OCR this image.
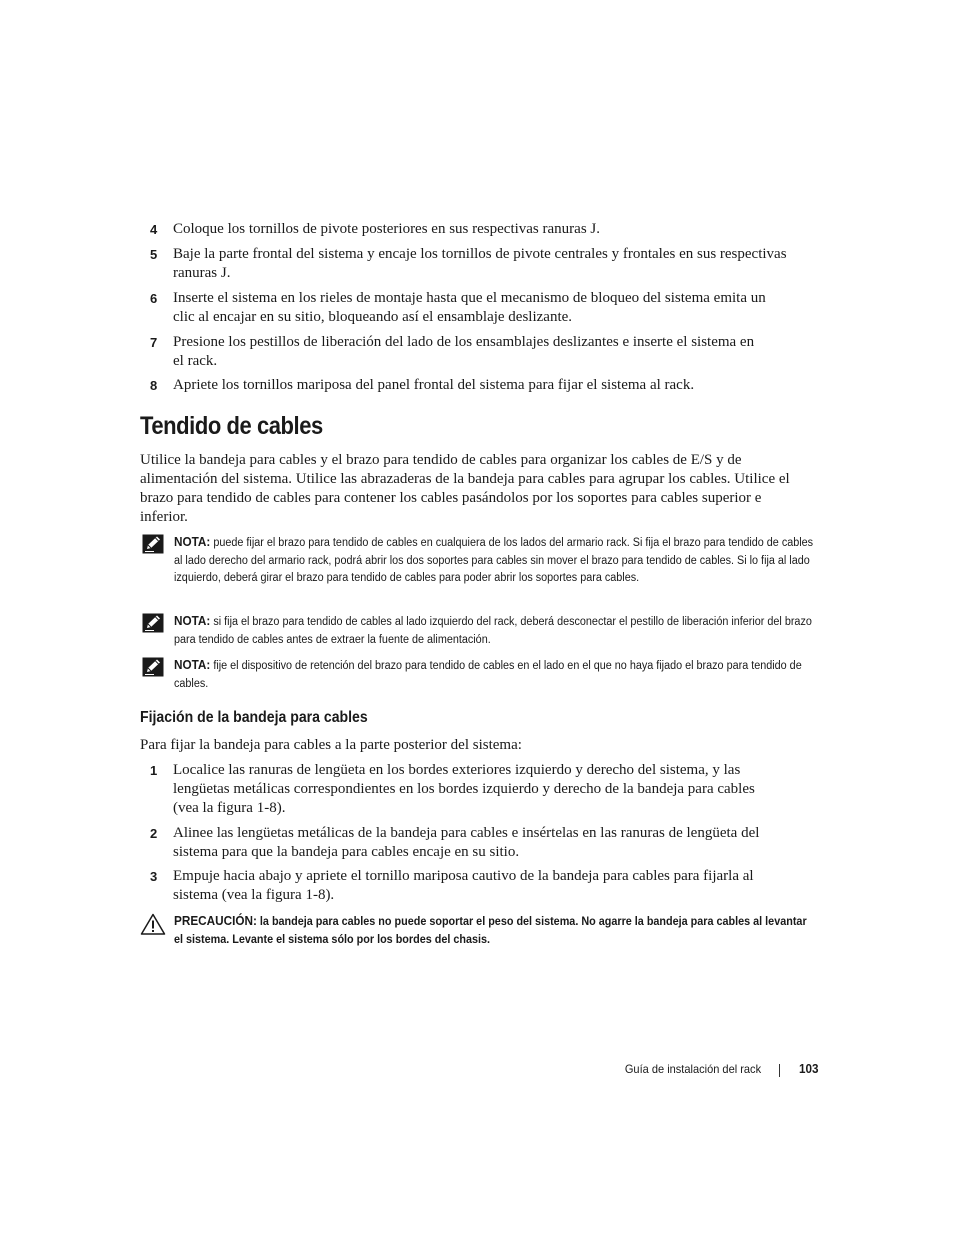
4 Coloque los tornillos de pivote posteriores en sus respectivas ranuras J.
5 Baje la parte frontal del sistema y encaje los tornillos de pivote centrales y frontales en sus respectivas ranuras J.
6 Inserte el sistema en los rieles de montaje hasta que el mecanismo de bloqueo del sistema emita un clic al encajar en su sitio, bloqueando así el ensamblaje deslizante.
7 Presione los pestillos de liberación del lado de los ensamblajes deslizantes e inserte el sistema en el rack.
8 Apriete los tornillos mariposa del panel frontal del sistema para fijar el sistema al rack.
Tendido de cables
Utilice la bandeja para cables y el brazo para tendido de cables para organizar los cables de E/S y de alimentación del sistema. Utilice las abrazaderas de la bandeja para cables para agrupar los cables. Utilice el brazo para tendido de cables para contener los cables pasándolos por los soportes para cables superior e inferior.
NOTA: puede fijar el brazo para tendido de cables en cualquiera de los lados del armario rack. Si fija el brazo para tendido de cables al lado derecho del armario rack, podrá abrir los dos soportes para cables sin mover el brazo para tendido de cables. Si lo fija al lado izquierdo, deberá girar el brazo para tendido de cables para poder abrir los soportes para cables.
NOTA: si fija el brazo para tendido de cables al lado izquierdo del rack, deberá desconectar el pestillo de liberación inferior del brazo para tendido de cables antes de extraer la fuente de alimentación.
NOTA: fije el dispositivo de retención del brazo para tendido de cables en el lado en el que no haya fijado el brazo para tendido de cables.
Fijación de la bandeja para cables
Para fijar la bandeja para cables a la parte posterior del sistema:
1 Localice las ranuras de lengüeta en los bordes exteriores izquierdo y derecho del sistema, y las lengüetas metálicas correspondientes en los bordes izquierdo y derecho de la bandeja para cables (vea la figura 1-8).
2 Alinee las lengüetas metálicas de la bandeja para cables e insértelas en las ranuras de lengüeta del sistema para que la bandeja para cables encaje en su sitio.
3 Empuje hacia abajo y apriete el tornillo mariposa cautivo de la bandeja para cables para fijarla al sistema (vea la figura 1-8).
PRECAUCIÓN: la bandeja para cables no puede soportar el peso del sistema. No agarre la bandeja para cables al levantar el sistema. Levante el sistema sólo por los bordes del chasis.
Guía de instalación del rack	103
